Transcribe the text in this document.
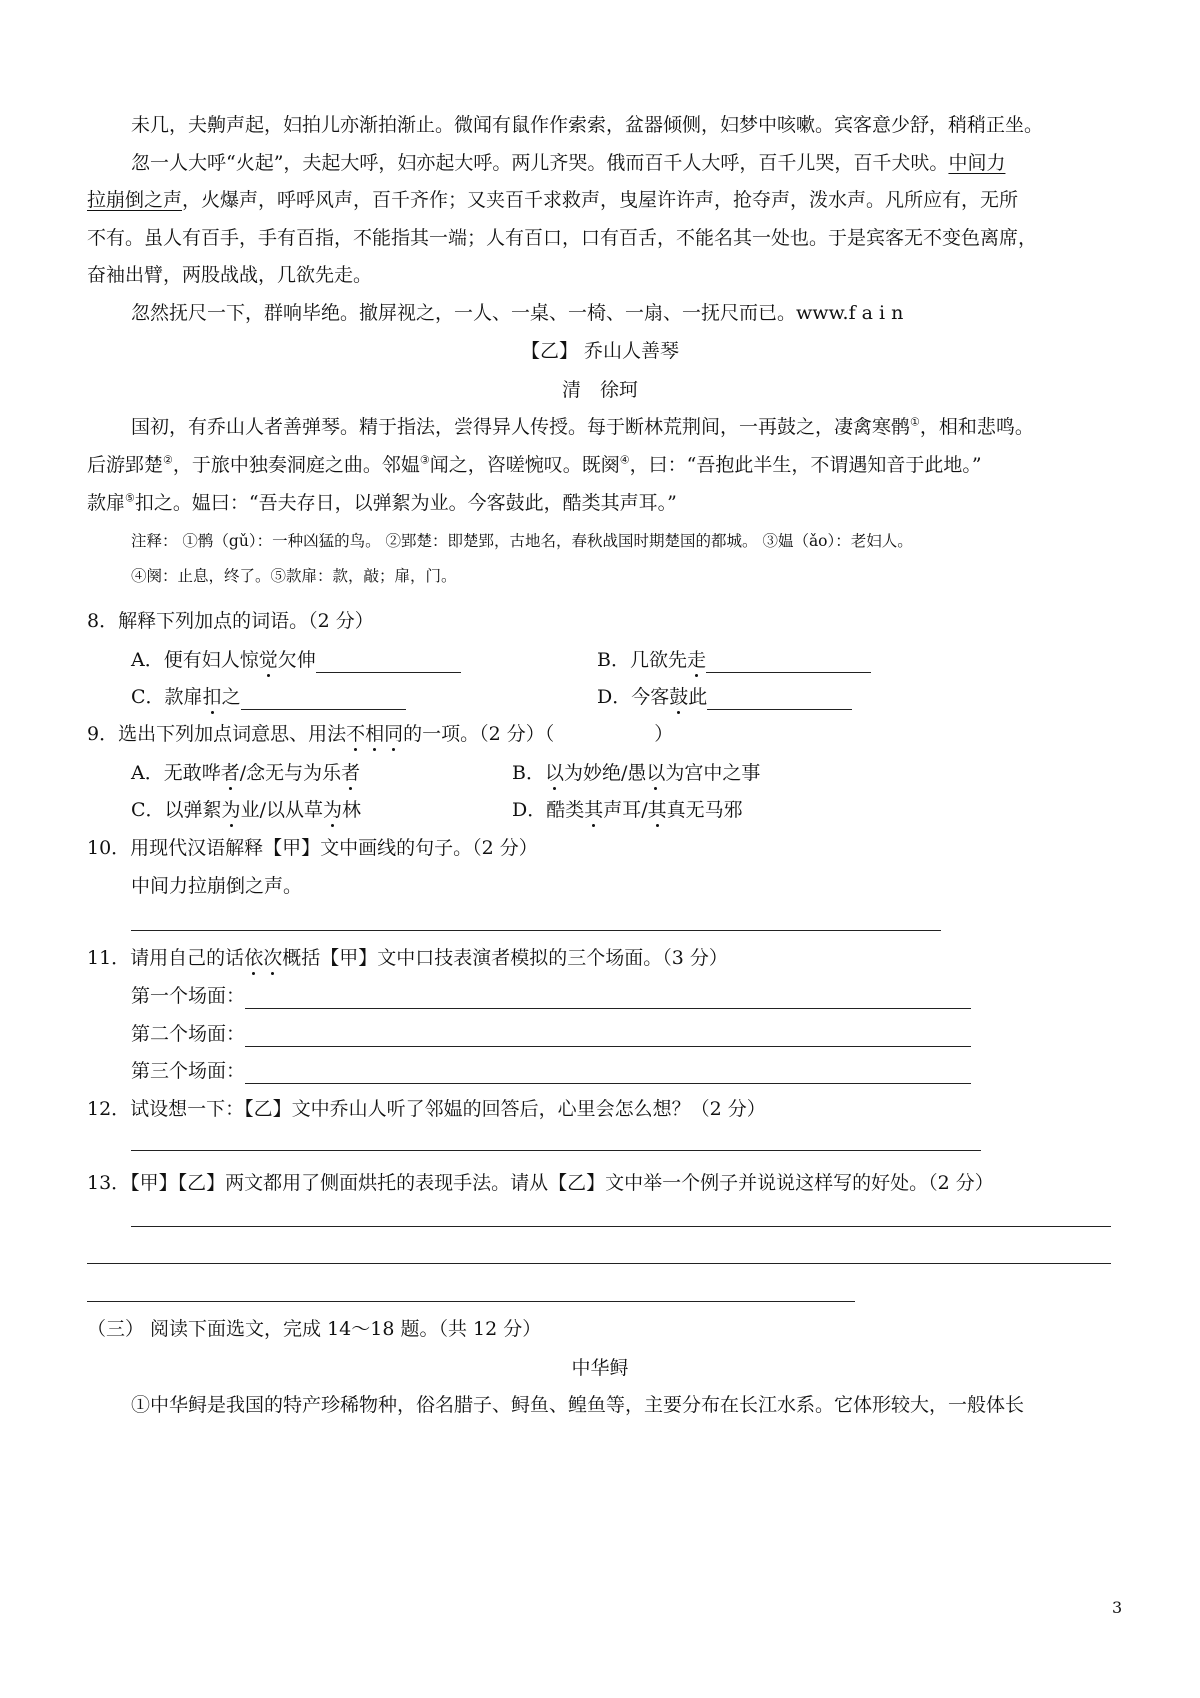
未几，夫齁声起，妇拍儿亦渐拍渐止。微闻有鼠作作索索，盆器倾侧，妇梦中咳嗽。宾客意少舒，稍稍正坐。
忽一人大呼“火起”，夫起大呼，妇亦起大呼。两儿齐哭。俄而百千人大呼，百千儿哭，百千犬吠。中间力
拉崩倒之声，火爆声，呼呼风声，百千齐作；又夹百千求救声，曳屋许许声，抢夺声，泼水声。凡所应有，无所
不有。虽人有百手，手有百指，不能指其一端；人有百口，口有百舌，不能名其一处也。于是宾客无不变色离席，
奋袖出臂，两股战战，几欲先走。
忽然抚尺一下，群响毕绝。撤屏视之，一人、一桌、一椅、一扇、一抚尺而已。www.f a i n
【乙】 乔山人善琴
清　徐珂
国初，有乔山人者善弹琴。精于指法，尝得异人传授。每于断林荒荆间，一再鼓之，凄禽寒鹘①，相和悲鸣。
后游郢楚②，于旅中独奏洞庭之曲。邻媪③闻之，咨嗟惋叹。既阕④，曰：“吾抱此半生，不谓遇知音于此地。”
款扉⑤扣之。媪曰：“吾夫存日，以弹絮为业。今客鼓此，酷类其声耳。”
注释： ①鹘（gǔ）：一种凶猛的鸟。 ②郢楚：即楚郢，古地名，春秋战国时期楚国的都城。 ③媪（ǎo）：老妇人。
④阕：止息，终了。⑤款扉：款，敲；扉，门。
8．解释下列加点的词语。（2 分）
A．便有妇人惊觉欠伸	B．几欲先走
C．款扉扣之	D．今客鼓此
9．选出下列加点词意思、用法不相同的一项。（2 分）（	）
A．无敢哗者/念无与为乐者	B．以为妙绝/愚以为宫中之事
C．以弹絮为业/以从草为林	D．酷类其声耳/其真无马邪
10．用现代汉语解释【甲】文中画线的句子。（2 分）
中间力拉崩倒之声。
11．请用自己的话依次概括【甲】文中口技表演者模拟的三个场面。（3 分）
第一个场面：
第二个场面：
第三个场面：
12．试设想一下：【乙】文中乔山人听了邻媪的回答后，心里会怎么想？（2 分）
13．【甲】【乙】两文都用了侧面烘托的表现手法。请从【乙】文中举一个例子并说说这样写的好处。（2 分）
（三） 阅读下面选文，完成 14～18 题。（共 12 分）
中华鲟
①中华鲟是我国的特产珍稀物种，俗名腊子、鲟鱼、鳇鱼等，主要分布在长江水系。它体形较大，一般体长
3
